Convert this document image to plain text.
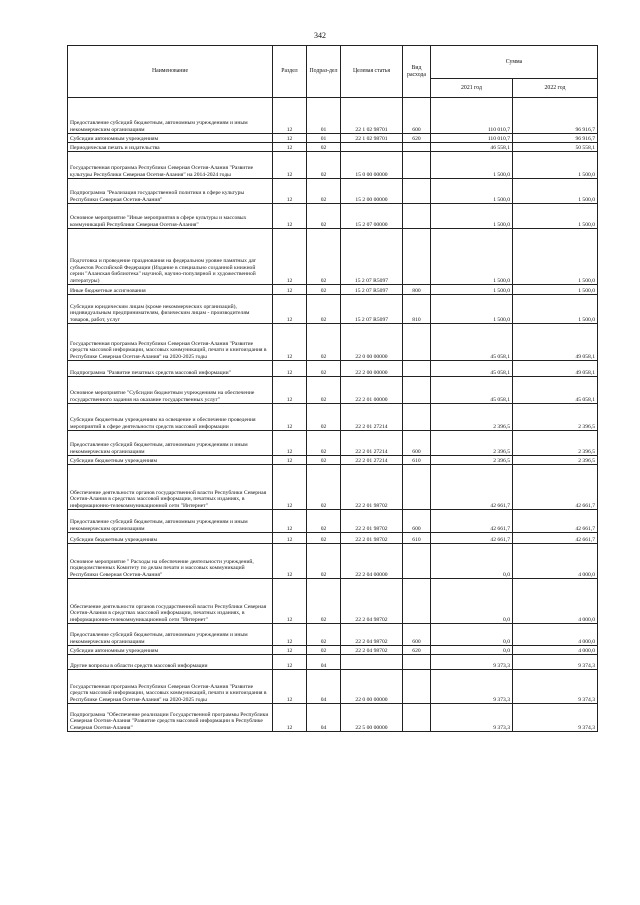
342
Наименование	Раздел	Подраз-дел	Целевая статья	Вид расхода	Сумма	
					2021 год	2022 год
Предоставление субсидий бюджетным, автономным учреждениям и иным некоммерческим организациям	12	01	22 1 02 98701	600	110 010,7	96 916,7
Субсидии автономным учреждениям	12	01	22 1 02 98701	620	110 010,7	96 916,7
Периодическая печать и издательства	12	02			46 558,1	50 558,1
Государственная программа Республики Северная Осетия-Алания "Развитие культуры Республики Северная Осетия-Алания" на 2014-2024 годы	12	02	15 0 00 00000		1 500,0	1 500,0
Подпрограмма "Реализация государственной политики в сфере культуры Республики Северная Осетия-Алания"	12	02	15 2 00 00000		1 500,0	1 500,0
Основное мероприятие "Иные мероприятия в сфере культуры и массовых коммуникаций Республики Северная Осетия-Алания"	12	02	15 2 07 00000		1 500,0	1 500,0
Подготовка и проведение празднования на федеральном уровне памятных дат субъектов Российской Федерации (Издание в специально созданной книжной серии "Аланская библиотека" научной, научно-популярной и художественной литературы)	12	02	15 2 07 R5097		1 500,0	1 500,0
Иные бюджетные ассигнования	12	02	15 2 07 R5097	800	1 500,0	1 500,0
Субсидии юридическим лицам (кроме некоммерческих организаций), индивидуальным предпринимателям, физическим лицам - производителям товаров, работ, услуг	12	02	15 2 07 R5097	810	1 500,0	1 500,0
Государственная программа Республики Северная Осетия-Алания "Развитие средств массовой информации, массовых коммуникаций, печати и книгоиздания в Республике Северная Осетия-Алания" на 2020-2025 годы	12	02	22 0 00 00000		45 058,1	49 058,1
Подпрограмма "Развитие печатных средств массовой информации"	12	02	22 2 00 00000		45 058,1	49 058,1
Основное мероприятие "Субсидии бюджетным учреждениям на обеспечение государственного задания на оказание государственных услуг"	12	02	22 2 01 00000		45 058,1	45 058,1
Субсидии бюджетным учреждениям на освещение и обеспечение проведения мероприятий в сфере деятельности средств массовой информации	12	02	22 2 01 27214		2 396,5	2 396,5
Предоставление субсидий бюджетным, автономным учреждениям и иным некоммерческим организациям	12	02	22 2 01 27214	600	2 396,5	2 396,5
Субсидии бюджетным учреждениям	12	02	22 2 01 27214	610	2 396,5	2 396,5
Обеспечение деятельности органов государственной власти Республики Северная Осетия-Алания в средствах массовой информации, печатных изданиях, в информационно-телекоммуникационной сети "Интернет"	12	02	22 2 01 98702		42 661,7	42 661,7
Предоставление субсидий бюджетным, автономным учреждениям и иным некоммерческим организациям	12	02	22 2 01 98702	600	42 661,7	42 661,7
Субсидии бюджетным учреждениям	12	02	22 2 01 98702	610	42 661,7	42 661,7
Основное мероприятие " Расходы на обеспечение деятельности учреждений, подведомственных Комитету по делам печати и массовых коммуникаций Республики Северная Осетия-Алания"	12	02	22 2 04 00000		0,0	4 000,0
Обеспечение деятельности органов государственной власти Республики Северная Осетия-Алания в средствах массовой информации, печатных изданиях, в информационно-телекоммуникационной сети "Интернет"	12	02	22 2 04 98702		0,0	4 000,0
Предоставление субсидий бюджетным, автономным учреждениям и иным некоммерческим организациям	12	02	22 2 04 98702	600	0,0	4 000,0
Субсидии автономным учреждениям	12	02	22 2 04 98702	620	0,0	4 000,0
Другие вопросы в области средств массовой информации	12	04			9 373,3	9 374,3
Государственная программа Республики Северная Осетия-Алания "Развитие средств массовой информации, массовых коммуникаций, печати и книгоиздания в Республике Северная Осетия-Алания" на 2020-2025 годы	12	04	22 0 00 00000		9 373,3	9 374,3
Подпрограмма "Обеспечение реализации Государственной программы Республики Северная Осетия-Алания "Развитие средств массовой информации в Республике Северная Осетия-Алания"	12	04	22 5 00 00000		9 373,3	9 374,3
